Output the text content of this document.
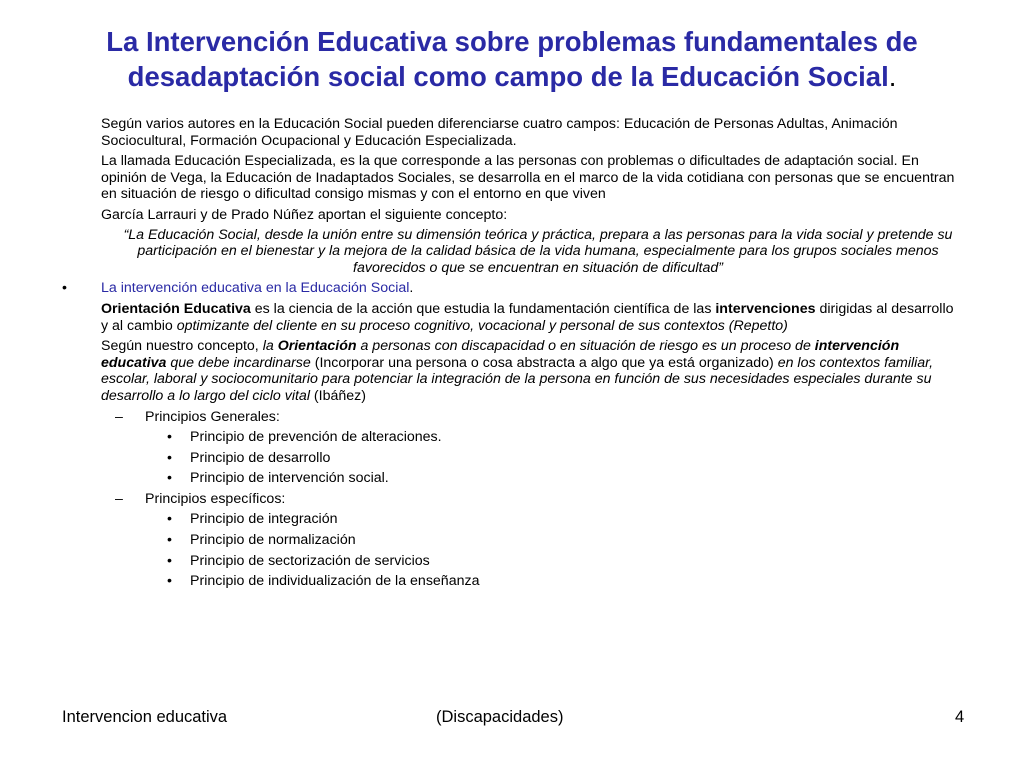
La Intervención Educativa sobre problemas fundamentales de
desadaptación social como campo de la Educación Social.

Según varios autores en la Educación Social pueden diferenciarse cuatro campos: Educación de Personas Adultas, Animación Sociocultural, Formación Ocupacional y Educación Especializada.

La llamada Educación Especializada, es la que corresponde a las personas con problemas o dificultades de adaptación social. En opinión de Vega, la Educación de Inadaptados Sociales, se desarrolla en el marco de la vida cotidiana con personas que se encuentran en situación de riesgo o dificultad consigo mismas y con el entorno en que viven

García Larrauri y de Prado Núñez aportan el siguiente concepto:

“La Educación Social, desde la unión entre su dimensión teórica y práctica, prepara a las personas para la vida social y pretende su participación en el bienestar y la mejora de la calidad básica de la vida humana, especialmente para los grupos sociales menos favorecidos o que se encuentran en situación de dificultad”

• La intervención educativa en la Educación Social.

Orientación Educativa es la ciencia de la acción que estudia la fundamentación científica de las intervenciones dirigidas al desarrollo y al cambio optimizante del cliente en su proceso cognitivo, vocacional y personal de sus contextos (Repetto)

Según nuestro concepto, la Orientación a personas con discapacidad o en situación de riesgo es un proceso de intervención educativa que debe incardinarse (Incorporar una persona o cosa abstracta a algo que ya está organizado) en los contextos familiar, escolar, laboral y sociocomunitario para potenciar la integración de la persona en función de sus necesidades especiales durante su desarrollo a lo largo del ciclo vital (Ibáñez)

– Principios Generales:

• Principio de prevención de alteraciones.

• Principio de desarrollo

• Principio de intervención social.

– Principios específicos:

• Principio de integración

• Principio de normalización

• Principio de sectorización de servicios

• Principio de individualización de la enseñanza

Intervencion educativa	(Discapacidades)	4
